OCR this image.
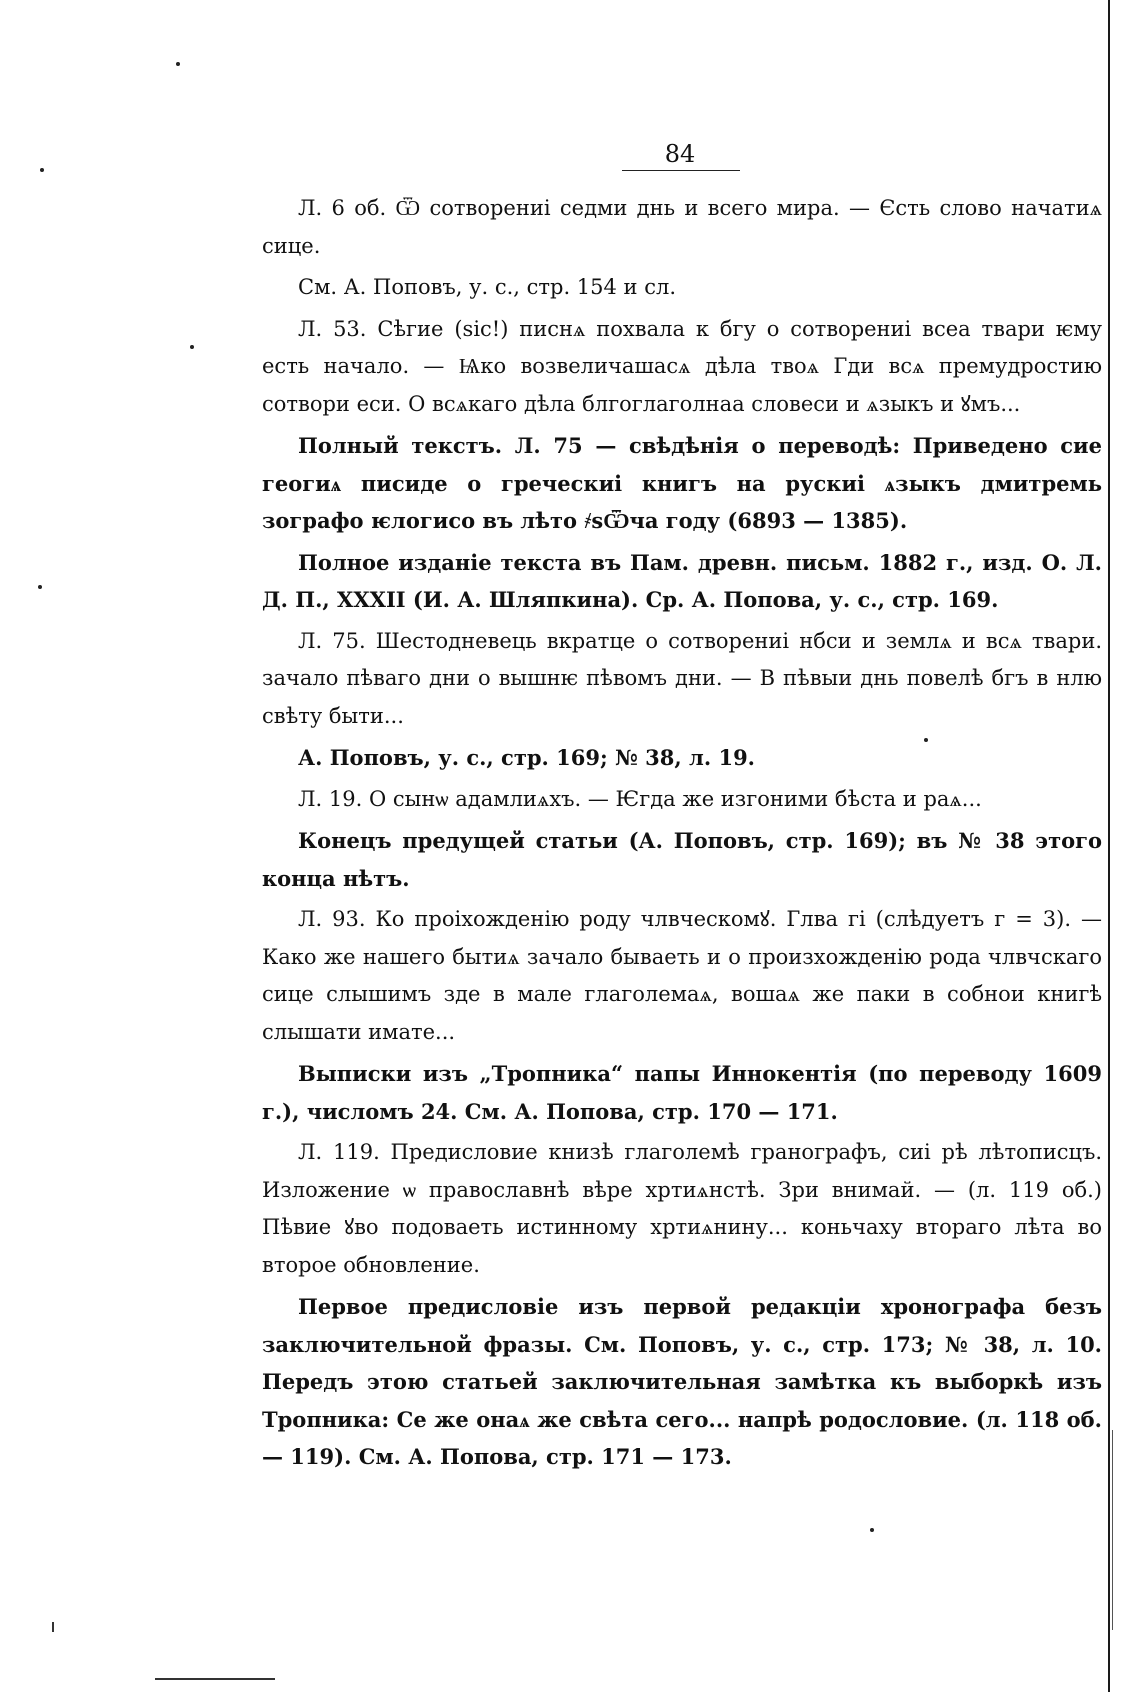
84

Л. 6 об. Ѿ сотворениі седми днь и всего мира. — Єсть слово начатиѧ сице.

См. А. Поповъ, у. с., стр. 154 и сл.

Л. 53. Сѣгие (sic!) писнѧ похвала к бгу о сотворениі всеа твари ѥму есть начало. — Ѩко возвеличашасѧ дѣла твоѧ Гди всѧ премудростию сотвори еси. О всѧкаго дѣла блгоглаголнаа словеси и ѧзыкъ и ꙋмъ...

Полный текстъ. Л. 75 — свѣдѣнія о переводѣ: Приведено сие геогиѧ писиде о греческиі книгъ на рускиі ѧзыкъ дмитремь зографо ѥлогисо въ лѣто ҂ѕѾча году (6893 — 1385).

Полное изданіе текста въ Пам. древн. письм. 1882 г., изд. О. Л. Д. П., XXXII (И. А. Шляпкина). Ср. А. Попова, у. с., стр. 169.

Л. 75. Шестодневець вкратце о сотворениі нбси и землѧ и всѧ твари. зачало пѣваго дни о вышнѥ пѣвомъ дни. — В пѣвыи днь повелѣ бгъ в нлю свѣту быти...

А. Поповъ, у. с., стр. 169; № 38, л. 19.

Л. 19. О сынѡ адамлиѧхъ. — Ѥгда же изгоними бѣста и раѧ...

Конецъ предущей статьи (А. Поповъ, стр. 169); въ № 38 этого конца нѣтъ.

Л. 93. Ко проіхожденію роду члвческомꙋ. Глва гі (слѣдуетъ г = 3). — Како же нашего бытиѧ зачало бываеть и о произхожденію рода члвчскаго сице слышимъ зде в мале глаголемаѧ, вошаѧ же паки в собнои книгѣ слышати имате...

Выписки изъ „Тропника“ папы Иннокентія (по переводу 1609 г.), числомъ 24. См. А. Попова, стр. 170 — 171.

Л. 119. Предисловие книзѣ глаголемѣ гранографъ, сиі рѣ лѣтописцъ. Изложение ѡ православнѣ вѣре хртиѧнстѣ. Зри внимай. — (л. 119 об.) Пѣвие ꙋво подоваеть истинному хртиѧнину... коньчаху втораго лѣта во второе обновление.

Первое предисловіе изъ первой редакціи хронографа безъ заключительной фразы. См. Поповъ, у. с., стр. 173; № 38, л. 10. Передъ этою статьей заключительная замѣтка къ выборкѣ изъ Тропника: Се же онаѧ же свѣта сего... напрѣ родословие. (л. 118 об. — 119). См. А. Попова, стр. 171 — 173.
